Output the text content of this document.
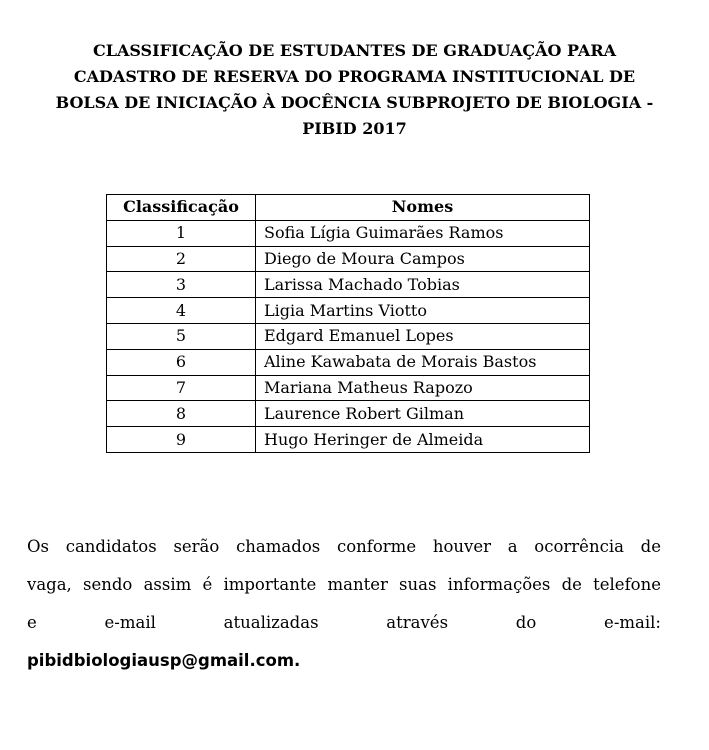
CLASSIFICAÇÃO DE ESTUDANTES DE GRADUAÇÃO PARA
CADASTRO DE RESERVA DO PROGRAMA INSTITUCIONAL DE
BOLSA DE INICIAÇÃO À DOCÊNCIA SUBPROJETO DE BIOLOGIA -
PIBID 2017
Classificação	Nomes
1	Sofia Lígia Guimarães Ramos
2	Diego de Moura Campos
3	Larissa Machado Tobias
4	Ligia Martins Viotto
5	Edgard Emanuel Lopes
6	Aline Kawabata de Morais Bastos
7	Mariana Matheus Rapozo
8	Laurence Robert Gilman
9	Hugo Heringer de Almeida
Os candidatos serão chamados conforme houver a ocorrência de
vaga, sendo assim é importante manter suas informações de telefone
e e-mail atualizadas através do e-mail:
pibidbiologiausp@gmail.com.
